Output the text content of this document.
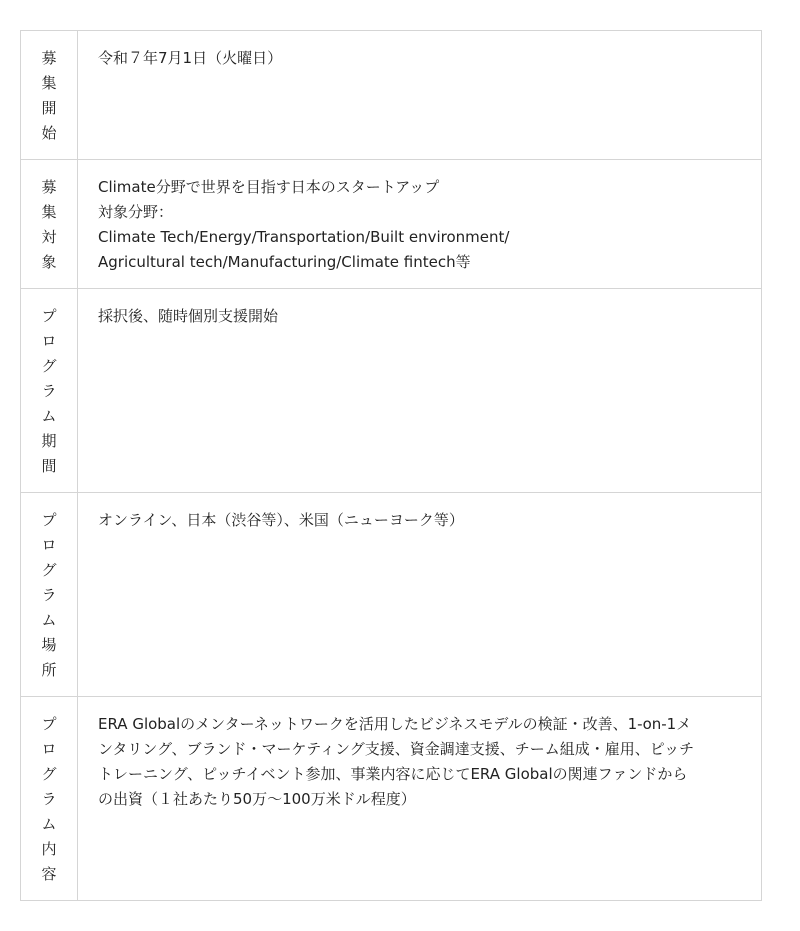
募
集
開
始
令和７年7月1日（火曜日）
募
集
対
象
Climate分野で世界を目指す日本のスタートアップ
対象分野：
Climate Tech/Energy/Transportation/Built environment/
Agricultural tech/Manufacturing/Climate fintech等
プ
ロ
グ
ラ
ム
期
間
採択後、随時個別支援開始
プ
ロ
グ
ラ
ム
場
所
オンライン、日本（渋谷等）、米国（ニューヨーク等）
プ
ロ
グ
ラ
ム
内
容
ERA Globalのメンターネットワークを活用したビジネスモデルの検証・改善、1-on-1メ
ンタリング、ブランド・マーケティング支援、資金調達支援、チーム組成・雇用、ピッチ
トレーニング、ピッチイベント参加、事業内容に応じてERA Globalの関連ファンドから
の出資（１社あたり50万〜100万米ドル程度）
